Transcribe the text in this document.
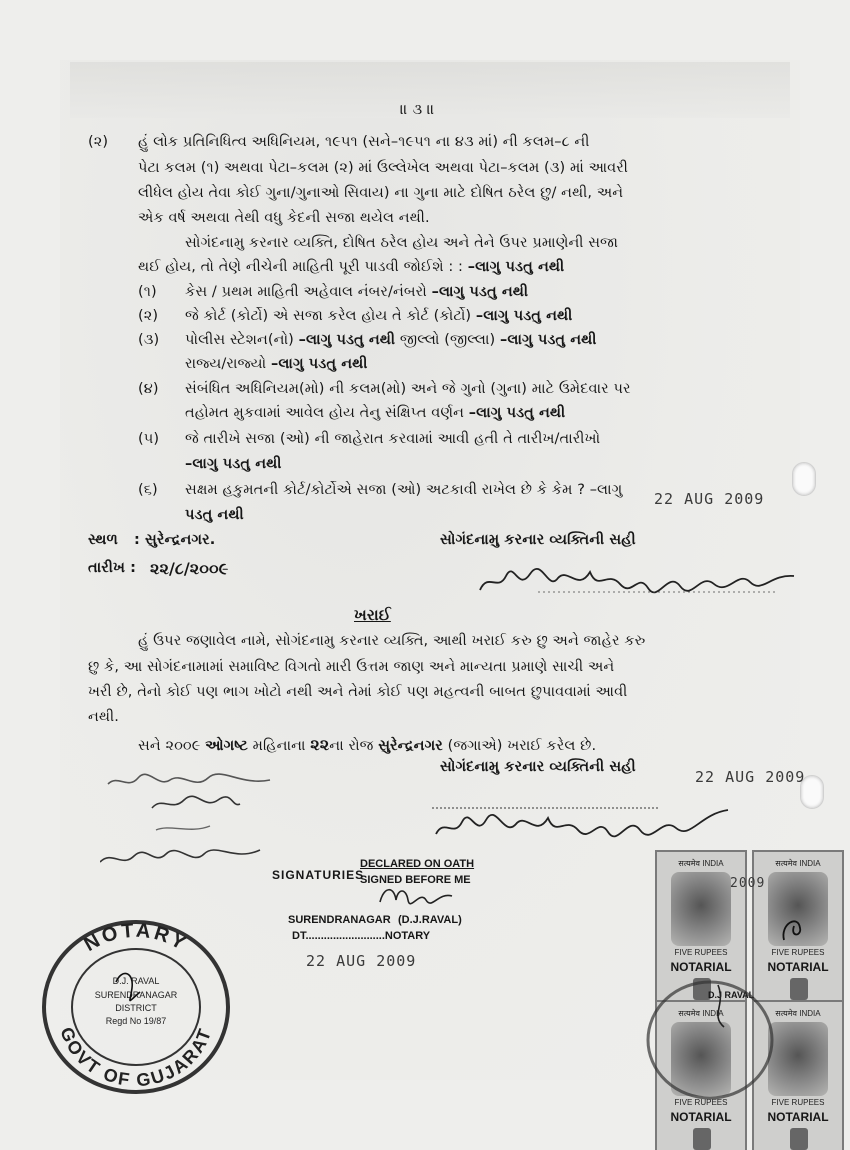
॥ ૩ ॥
(૨) હું લોક પ્રતિનિધિત્વ અધિનિયમ, ૧૯૫૧ (સને–૧૯૫૧ ના ૪૩ માં) ની કલમ–૮ ની
પેટા કલમ (૧) અથવા પેટા–કલમ (૨) માં ઉલ્લેખેલ અથવા પેટા–કલમ (૩) માં આવરી
લીધેલ હોય તેવા કોઈ ગુના/ગુનાઓ સિવાય) ના ગુના માટે દોષિત ઠરેલ છુ/ નથી, અને
એક વર્ષ અથવા તેથી વધુ કેદની સજા થયેલ નથી.
સોગંદનામુ કરનાર વ્યક્તિ, દોષિત ઠરેલ હોય અને તેને ઉપર પ્રમાણેની સજા
થઈ હોય, તો તેણે નીચેની માહિતી પૂરી પાડવી જોઈશે : : –લાગુ પડતુ નથી
(૧) કેસ / પ્રથમ માહિતી અહેવાલ નંબર/નંબરો –લાગુ પડતુ નથી
(૨) જે કોર્ટ (કોર્ટો) એ સજા કરેલ હોય તે કોર્ટ (કોર્ટો) –લાગુ પડતુ નથી
(૩) પોલીસ સ્ટેશન(નો) –લાગુ પડતુ નથી જીલ્લો (જીલ્લા) –લાગુ પડતુ નથી
રાજ્ય/રાજ્યો –લાગુ પડતુ નથી
(૪) સંબંધિત અધિનિયમ(મો) ની કલમ(મો) અને જે ગુનો (ગુના) માટે ઉમેદવાર પર
તહોમત મુકવામાં આવેલ હોય તેનુ સંક્ષિપ્ત વર્ણન –લાગુ પડતુ નથી
(૫) જે તારીખે સજા (ઓ) ની જાહેરાત કરવામાં આવી હતી તે તારીખ/તારીખો
–લાગુ પડતુ નથી
(૬) સક્ષમ હકુમતની કોર્ટ/કોર્ટોએ સજા (ઓ) અટકાવી રાખેલ છે કે કેમ ? –લાગુ
પડતુ નથી
સ્થળ : સુરેન્દ્રનગર.	સોગંદનામુ કરનાર વ્યક્તિની સહી
તારીખ : ૨૨/૮/૨૦૦૯
22 AUG 2009
ખરાઈ
હું ઉપર જણાવેલ નામે, સોગંદનામુ કરનાર વ્યક્તિ, આથી ખરાઈ કરુ છુ અને જાહેર કરુ
છુ કે, આ સોગંદનામામાં સમાવિષ્ટ વિગતો મારી ઉત્તમ જાણ અને માન્યતા પ્રમાણે સાચી અને
ખરી છે, તેનો કોઈ પણ ભાગ ખોટો નથી અને તેમાં કોઈ પણ મહત્વની બાબત છુપાવવામાં આવી
નથી.
સને ૨૦૦૯ ઓગષ્ટ મહિનાના ૨૨ના રોજ સુરેન્દ્રનગર (જગાએ) ખરાઈ કરેલ છે.
સોગંદનામુ કરનાર વ્યક્તિની સહી
22 AUG 2009
DECLARED ON OATH
SIGNATURIES
SIGNED BEFORE ME
SURENDRANAGAR (D.J.RAVAL)
DT..........................NOTARY
22 AUG 2009
NOTARY
GOVT OF GUJARAT
D.J. RAVAL
SURENDRANAGAR
DISTRICT
Regd No 19/87
सत्यमेव INDIA
FIVE RUPEES
NOTARIAL
सत्यमेव INDIA
FIVE RUPEES
NOTARIAL
सत्यमेव INDIA
FIVE RUPEES
NOTARIAL
सत्यमेव INDIA
FIVE RUPEES
NOTARIAL
2009
D.J RAVAL
